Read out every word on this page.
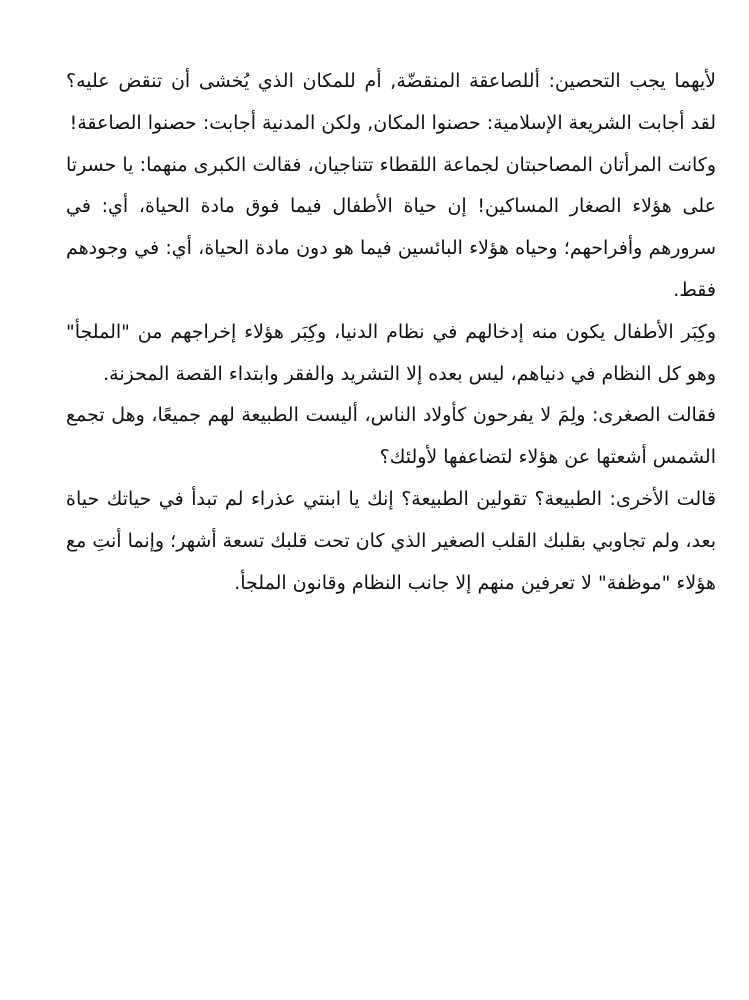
لأيهما يجب التحصين: أللصاعقة المنقضّة, أم للمكان الذي يُخشى أن تنقض عليه؟ لقد أجابت الشريعة الإسلامية: حصنوا المكان, ولكن المدنية أجابت: حصنوا الصاعقة!

وكانت المرأتان المصاحبتان لجماعة اللقطاء تتناجيان، فقالت الكبرى منهما: يا حسرتا على هؤلاء الصغار المساكين! إن حياة الأطفال فيما فوق مادة الحياة، أي: في سرورهم وأفراحهم؛ وحياه هؤلاء البائسين فيما هو دون مادة الحياة، أي: في وجودهم فقط.

وكِبَر الأطفال يكون منه إدخالهم في نظام الدنيا، وكِبَر هؤلاء إخراجهم من "الملجأ" وهو كل النظام في دنياهم، ليس بعده إلا التشريد والفقر وابتداء القصة المحزنة.

فقالت الصغرى: ولِمَ لا يفرحون كأولاد الناس، أليست الطبيعة لهم جميعًا، وهل تجمع الشمس أشعتها عن هؤلاء لتضاعفها لأولئك؟

قالت الأخرى: الطبيعة؟ تقولين الطبيعة؟ إنك يا ابنتي عذراء لم تبدأ في حياتك حياة بعد، ولم تجاوبي بقلبك القلب الصغير الذي كان تحت قلبك تسعة أشهر؛ وإنما أنتِ مع هؤلاء "موظفة" لا تعرفين منهم إلا جانب النظام وقانون الملجأ.
